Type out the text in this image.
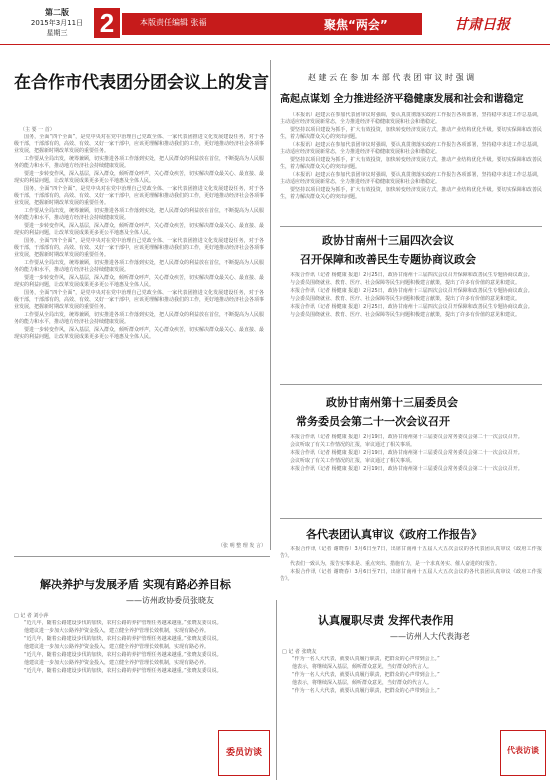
第二版
2015年3月11日
星期三	2	本版责任编辑 张福	聚焦“两会”	甘肃日报
在合作市代表团分团会议上的发言
（主 要 一 首）

国务，全面“四个全面”，是党中央对在党中治理自己党政全体、一家代表团推进文化发展建设任务，对于各级干部，干部部有的，高效、有效、又好一家干部中，应该更理解和推动我们的工作，更好地推动经济社会各项事业发展，把握新时期改革发展的重要任务。

工作要从全局出发，统筹兼顾，切实推进各项工作落到实处，把人民群众的利益放在首位，不断提高为人民服务的能力和水平，推动地方经济社会持续健康发展。

要进一步转变作风，深入基层，深入群众，倾听群众呼声，关心群众疾苦，切实解决群众最关心、最直接、最现实的利益问题，让改革发展成果更多更公平地惠及全体人民。

国务，全面“四个全面”，是党中央对在党中治理自己党政全体、一家代表团推进文化发展建设任务，对于各级干部，干部部有的，高效、有效、又好一家干部中，应该更理解和推动我们的工作，更好地推动经济社会各项事业发展，把握新时期改革发展的重要任务。

工作要从全局出发，统筹兼顾，切实推进各项工作落到实处，把人民群众的利益放在首位，不断提高为人民服务的能力和水平，推动地方经济社会持续健康发展。

要进一步转变作风，深入基层，深入群众，倾听群众呼声，关心群众疾苦，切实解决群众最关心、最直接、最现实的利益问题，让改革发展成果更多更公平地惠及全体人民。

国务，全面“四个全面”，是党中央对在党中治理自己党政全体、一家代表团推进文化发展建设任务，对于各级干部，干部部有的，高效、有效、又好一家干部中，应该更理解和推动我们的工作，更好地推动经济社会各项事业发展，把握新时期改革发展的重要任务。

工作要从全局出发，统筹兼顾，切实推进各项工作落到实处，把人民群众的利益放在首位，不断提高为人民服务的能力和水平，推动地方经济社会持续健康发展。

要进一步转变作风，深入基层，深入群众，倾听群众呼声，关心群众疾苦，切实解决群众最关心、最直接、最现实的利益问题，让改革发展成果更多更公平地惠及全体人民。

国务，全面“四个全面”，是党中央对在党中治理自己党政全体、一家代表团推进文化发展建设任务，对于各级干部，干部部有的，高效、有效、又好一家干部中，应该更理解和推动我们的工作，更好地推动经济社会各项事业发展，把握新时期改革发展的重要任务。

工作要从全局出发，统筹兼顾，切实推进各项工作落到实处，把人民群众的利益放在首位，不断提高为人民服务的能力和水平，推动地方经济社会持续健康发展。

要进一步转变作风，深入基层，深入群众，倾听群众呼声，关心群众疾苦，切实解决群众最关心、最直接、最现实的利益问题，让改革发展成果更多更公平地惠及全体人民。

（张 明 整 理 发 言）
赵 建 云 在 参 加 本 部 代 表 团 审 议 时 强 调
高起点谋划 全力推进经济平稳健康发展和社会和谐稳定

（本报讯）赵建云在参加代表团审议时强调，要认真贯彻落实政府工作报告各项部署，坚持稳中求进工作总基调，主动适应经济发展新常态，全力推进经济平稳健康发展和社会和谐稳定。

要坚持以项目建设为抓手，扩大有效投资，加快转变经济发展方式，推动产业结构优化升级。要切实保障和改善民生，着力解决群众关心的突出问题。

（本报讯）赵建云在参加代表团审议时强调，要认真贯彻落实政府工作报告各项部署，坚持稳中求进工作总基调，主动适应经济发展新常态，全力推进经济平稳健康发展和社会和谐稳定。

要坚持以项目建设为抓手，扩大有效投资，加快转变经济发展方式，推动产业结构优化升级。要切实保障和改善民生，着力解决群众关心的突出问题。

（本报讯）赵建云在参加代表团审议时强调，要认真贯彻落实政府工作报告各项部署，坚持稳中求进工作总基调，主动适应经济发展新常态，全力推进经济平稳健康发展和社会和谐稳定。

要坚持以项目建设为抓手，扩大有效投资，加快转变经济发展方式，推动产业结构优化升级。要切实保障和改善民生，着力解决群众关心的突出问题。

政协甘南州十三届四次会议
召开保障和改善民生专题协商议政会

本报合作讯（记者 杨健康 报道）2月25日，政协甘南州十三届四次会议召开保障和改善民生专题协商议政会。

与会委员围绕就业、教育、医疗、社会保障等民生问题积极建言献策，提出了许多有价值的意见和建议。

本报合作讯（记者 杨健康 报道）2月25日，政协甘南州十三届四次会议召开保障和改善民生专题协商议政会。

与会委员围绕就业、教育、医疗、社会保障等民生问题积极建言献策，提出了许多有价值的意见和建议。

本报合作讯（记者 杨健康 报道）2月25日，政协甘南州十三届四次会议召开保障和改善民生专题协商议政会。

与会委员围绕就业、教育、医疗、社会保障等民生问题积极建言献策，提出了许多有价值的意见和建议。

政协甘南州第十三届委员会
常务委员会第二十一次会议召开

本报合作讯（记者 杨健康 报道）2月19日，政协甘南州第十三届委员会常务委员会第二十一次会议召开。

会议听取了有关工作情况的汇报，审议通过了相关事项。

本报合作讯（记者 杨健康 报道）2月19日，政协甘南州第十三届委员会常务委员会第二十一次会议召开。

会议听取了有关工作情况的汇报，审议通过了相关事项。

本报合作讯（记者 杨健康 报道）2月19日，政协甘南州第十三届委员会常务委员会第二十一次会议召开。

各代表团认真审议《政府工作报告》

本报合作讯（记者 谢晓春）3月6日至7日，出席甘南州十五届人大五次会议的各代表团认真审议《政府工作报告》。

代表们一致认为，报告实事求是、重点突出、措施有力，是一个求真务实、催人奋进的好报告。

本报合作讯（记者 谢晓春）3月6日至7日，出席甘南州十五届人大五次会议的各代表团认真审议《政府工作报告》。

解决养护与发展矛盾 实现有路必养目标
——访州政协委员张晓友
□ 记 者 刘小萍

“近几年，随着公路建设步伐的加快，农村公路的养护管理任务越来越重。”张晓友委员说。

他建议进一步加大公路养护资金投入，建立健全养护管理长效机制，实现有路必养。

“近几年，随着公路建设步伐的加快，农村公路的养护管理任务越来越重。”张晓友委员说。

他建议进一步加大公路养护资金投入，建立健全养护管理长效机制，实现有路必养。

“近几年，随着公路建设步伐的加快，农村公路的养护管理任务越来越重。”张晓友委员说。

他建议进一步加大公路养护资金投入，建立健全养护管理长效机制，实现有路必养。

“近几年，随着公路建设步伐的加快，农村公路的养护管理任务越来越重。”张晓友委员说。

委员访谈
认真履职尽责 发挥代表作用
——访州人大代表海老
□ 记 者 张晓友

“作为一名人大代表，就要认真履行职责，把群众的心声带到会上。”

他表示，将继续深入基层，倾听群众意见，当好群众的代言人。

“作为一名人大代表，就要认真履行职责，把群众的心声带到会上。”

他表示，将继续深入基层，倾听群众意见，当好群众的代言人。

“作为一名人大代表，就要认真履行职责，把群众的心声带到会上。”

代表访谈
